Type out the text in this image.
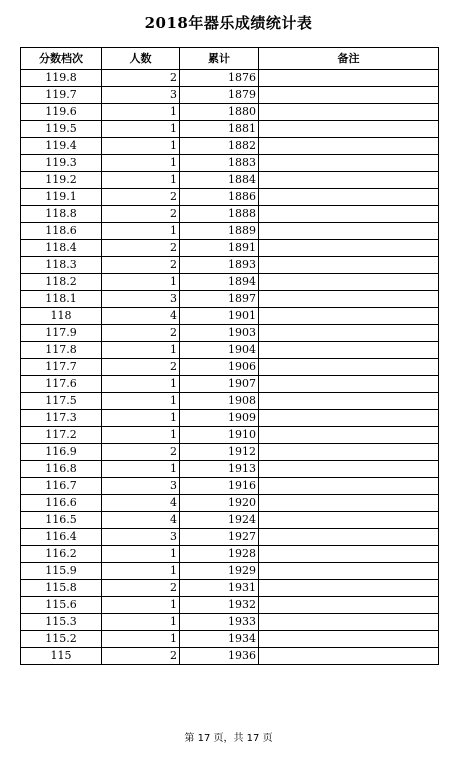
2018年器乐成绩统计表
分数档次	人数	累计	备注
119.8	2	1876	
119.7	3	1879	
119.6	1	1880	
119.5	1	1881	
119.4	1	1882	
119.3	1	1883	
119.2	1	1884	
119.1	2	1886	
118.8	2	1888	
118.6	1	1889	
118.4	2	1891	
118.3	2	1893	
118.2	1	1894	
118.1	3	1897	
118	4	1901	
117.9	2	1903	
117.8	1	1904	
117.7	2	1906	
117.6	1	1907	
117.5	1	1908	
117.3	1	1909	
117.2	1	1910	
116.9	2	1912	
116.8	1	1913	
116.7	3	1916	
116.6	4	1920	
116.5	4	1924	
116.4	3	1927	
116.2	1	1928	
115.9	1	1929	
115.8	2	1931	
115.6	1	1932	
115.3	1	1933	
115.2	1	1934	
115	2	1936	
第 17 页，共 17 页
